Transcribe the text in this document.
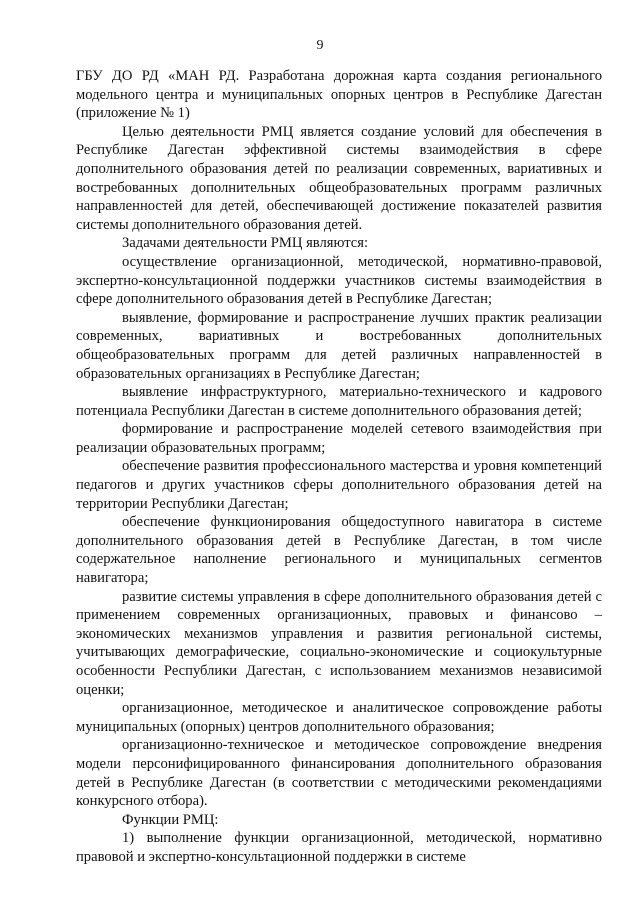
9

ГБУ ДО РД «МАН РД. Разработана дорожная карта создания регионального модельного центра и муниципальных опорных центров в Республике Дагестан (приложение № 1)

Целью деятельности РМЦ является создание условий для обеспечения в Республике Дагестан эффективной системы взаимодействия в сфере дополнительного образования детей по реализации современных, вариативных и востребованных дополнительных общеобразовательных программ различных направленностей для детей, обеспечивающей достижение показателей развития системы дополнительного образования детей.

Задачами деятельности РМЦ являются:

осуществление организационной, методической, нормативно-правовой, экспертно-консультационной поддержки участников системы взаимодействия в сфере дополнительного образования детей в Республике Дагестан;

выявление, формирование и распространение лучших практик реализации современных, вариативных и востребованных дополнительных общеобразовательных программ для детей различных направленностей в образовательных организациях в Республике Дагестан;

выявление инфраструктурного, материально-технического и кадрового потенциала Республики Дагестан в системе дополнительного образования детей;

формирование и распространение моделей сетевого взаимодействия при реализации образовательных программ;

обеспечение развития профессионального мастерства и уровня компетенций педагогов и других участников сферы дополнительного образования детей на территории Республики Дагестан;

обеспечение функционирования общедоступного навигатора в системе дополнительного образования детей в Республике Дагестан, в том числе содержательное наполнение регионального и муниципальных сегментов навигатора;

развитие системы управления в сфере дополнительного образования детей с применением современных организационных, правовых и финансово – экономических механизмов управления и развития региональной системы, учитывающих демографические, социально-экономические и социокультурные особенности Республики Дагестан, с использованием механизмов независимой оценки;

организационное, методическое и аналитическое сопровождение работы муниципальных (опорных) центров дополнительного образования;

организационно-техническое и методическое сопровождение внедрения модели персонифицированного финансирования дополнительного образования детей в Республике Дагестан (в соответствии с методическими рекомендациями конкурсного отбора).

Функции РМЦ:

1) выполнение функции организационной, методической, нормативно правовой и экспертно-консультационной поддержки в системе
